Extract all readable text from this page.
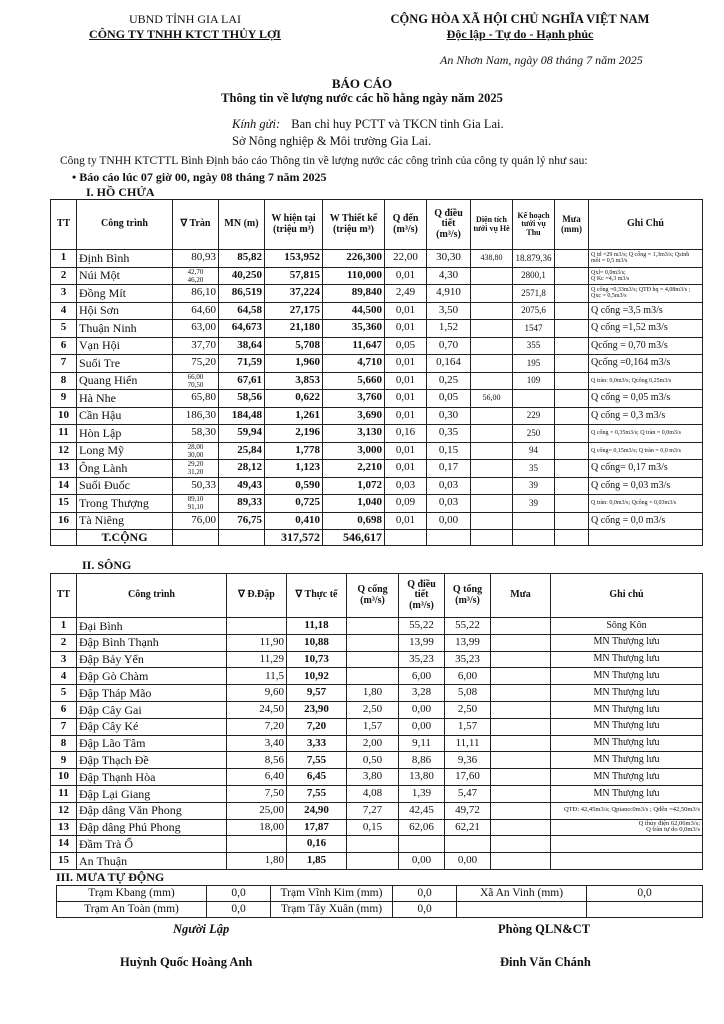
UBND TỈNH GIA LAI
CÔNG TY TNHH KTCT THỦY LỢI
CỘNG HÒA XÃ HỘI CHỦ NGHĨA VIỆT NAM
Độc lập - Tự do - Hạnh phúc
An Nhơn Nam, ngày 08 tháng 7 năm 2025
BÁO CÁO
Thông tin về lượng nước các hồ hằng ngày năm 2025
Kính gửi: Ban chỉ huy PCTT và TKCN tỉnh Gia Lai.
Sở Nông nghiệp & Môi trường Gia Lai.
Công ty TNHH KTCTTL Bình Định báo cáo Thông tin về lượng nước các công trình của công ty quản lý như sau:
• Báo cáo lúc 07 giờ 00, ngày 08 tháng 7 năm 2025
I. HỒ CHỨA
TT	Công trình	∇ Tràn	MN (m)	W hiện tại (triệu m³)	W Thiết kế (triệu m³)	Q đến (m³/s)	Q điều tiết (m³/s)	Diện tích tưới vụ Hè	Kế hoạch tưới vụ Thu	Mưa (mm)	Ghi Chú
1	Định Bình	80,93	85,82	153,952	226,300	22,00	30,30	438,80	18.879,36		Q td =29 m3/s; Q cống = 1,3m3/s; Qsinh môi = 0,5 m3/s
2	Núi Một	42,70
46,20	40,250	57,815	110,000	0,01	4,30		2800,1		Qxl= 0,0m3/s;
Q Kc =4,3 m3/s
3	Đồng Mít	86,10	86,519	37,224	89,840	2,49	4,910		2571,8		Q cống =0,33m3/s; QTĐ hq = 4,08m3/s ; Qxc = 0,5m3/s
4	Hội Sơn	64,60	64,58	27,175	44,500	0,01	3,50		2075,6		Q cống =3,5 m3/s
5	Thuận Ninh	63,00	64,673	21,180	35,360	0,01	1,52		1547		Q cống =1,52 m3/s
6	Vạn Hội	37,70	38,64	5,708	11,647	0,05	0,70		355		Qcống = 0,70 m3/s
7	Suối Tre	75,20	71,59	1,960	4,710	0,01	0,164		195		Qcống =0,164 m3/s
8	Quang Hiển	66,00
70,50	67,61	3,853	5,660	0,01	0,25		109		Q tràn: 0,0m3/s; Qcống 0,25m3/s
9	Hà Nhe	65,80	58,56	0,622	3,760	0,01	0,05	56,00			Q cống = 0,05 m3/s
10	Cần Hậu	186,30	184,48	1,261	3,690	0,01	0,30		229		Q cống = 0,3 m3/s
11	Hòn Lập	58,30	59,94	2,196	3,130	0,16	0,35		250		Q cống = 0,35m3/s; Q tràn = 0,0m3/s
12	Long Mỹ	28,00
30,00	25,84	1,778	3,000	0,01	0,15		94		Q cống= 0,15m3/s; Q tràn = 0,0 m3/s
13	Ông Lành	29,20
31,20	28,12	1,123	2,210	0,01	0,17		35		Q cống= 0,17 m3/s
14	Suối Đuốc	50,33	49,43	0,590	1,072	0,03	0,03		39		Q cống = 0,03 m3/s
15	Trong Thượng	89,10
91,10	89,33	0,725	1,040	0,09	0,03		39		Q tràn: 0,0m3/s; Qcống = 0,03m3/s
16	Tà Niêng	76,00	76,75	0,410	0,698	0,01	0,00				Q cống = 0,0 m3/s
	T.CỘNG			317,572	546,617						
II. SÔNG
TT	Công trình	∇ Đ.Đập	∇ Thực tế	Q cống (m³/s)	Q điều tiết (m³/s)	Q tổng (m³/s)	Mưa	Ghi chú
1	Đại Bình		11,18		55,22	55,22		Sông Kôn
2	Đập Bình Thạnh	11,90	10,88		13,99	13,99		MN Thượng lưu
3	Đập Bảy Yển	11,29	10,73		35,23	35,23		MN Thượng lưu
4	Đập Gò Chàm	11,5	10,92		6,00	6,00		MN Thượng lưu
5	Đập Tháp Mão	9,60	9,57	1,80	3,28	5,08		MN Thượng lưu
6	Đập Cây Gai	24,50	23,90	2,50	0,00	2,50		MN Thượng lưu
7	Đập Cây Ké	7,20	7,20	1,57	0,00	1,57		MN Thượng lưu
8	Đập Lão Tâm	3,40	3,33	2,00	9,11	11,11		MN Thượng lưu
9	Đập Thạch Đề	8,56	7,55	0,50	8,86	9,36		MN Thượng lưu
10	Đập Thạnh Hòa	6,40	6,45	3,80	13,80	17,60		MN Thượng lưu
11	Đập Lại Giang	7,50	7,55	4,08	1,39	5,47		MN Thượng lưu
12	Đập dâng Văn Phong	25,00	24,90	7,27	42,45	49,72		QTĐ: 42,45m3/s; Qpiano:0m3/s ; Qđến =42,50m3/s
13	Đập dâng Phú Phong	18,00	17,87	0,15	62,06	62,21		Q thủy điện 62,06m3/s;
Q tràn tự do 0,0m3/s
14	Đầm Trà Ổ		0,16					
15	An Thuận	1,80	1,85		0,00	0,00		
III. MƯA TỰ ĐỘNG
Trạm Kbang (mm)	0,0	Trạm Vĩnh Kim (mm)	0,0	Xã An Vinh (mm)	0,0
Trạm An Toàn (mm)	0,0	Trạm Tây Xuân (mm)	0,0		
Người Lập
Huỳnh Quốc Hoàng Anh
Phòng QLN&CT
Đinh Văn Chánh
